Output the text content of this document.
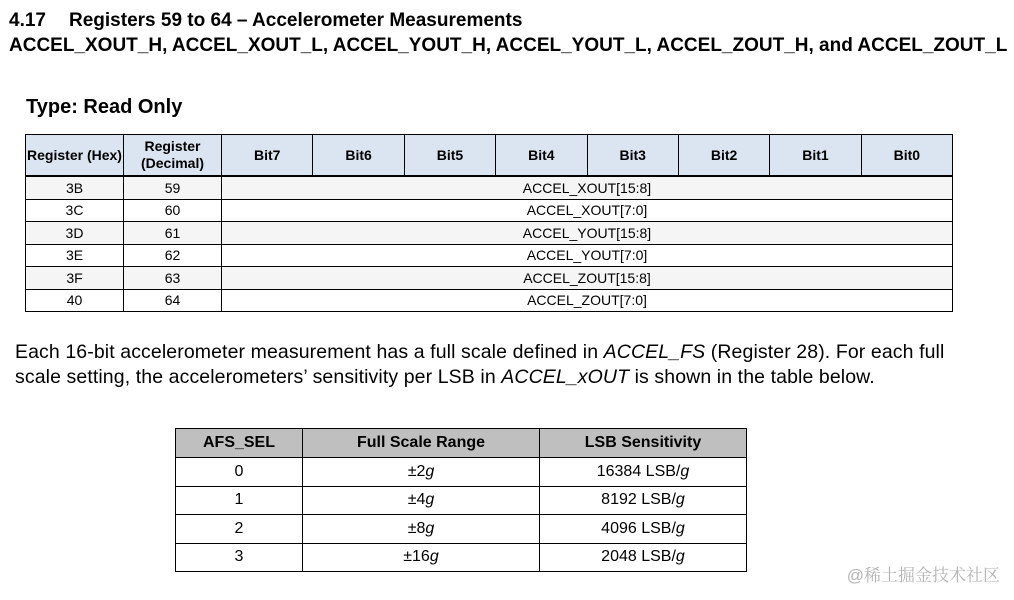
4.17 Registers 59 to 64 – Accelerometer Measurements
ACCEL_XOUT_H, ACCEL_XOUT_L, ACCEL_YOUT_H, ACCEL_YOUT_L, ACCEL_ZOUT_H, and ACCEL_ZOUT_L
Type: Read Only
Register (Hex)	Register (Decimal)	Bit7	Bit6	Bit5	Bit4	Bit3	Bit2	Bit1	Bit0
3B	59	ACCEL_XOUT[15:8]							
3C	60	ACCEL_XOUT[7:0]							
3D	61	ACCEL_YOUT[15:8]							
3E	62	ACCEL_YOUT[7:0]							
3F	63	ACCEL_ZOUT[15:8]							
40	64	ACCEL_ZOUT[7:0]							
Each 16-bit accelerometer measurement has a full scale defined in ACCEL_FS (Register 28). For each full scale setting, the accelerometers’ sensitivity per LSB in ACCEL_xOUT is shown in the table below.
AFS_SEL	Full Scale Range	LSB Sensitivity
0	±2g	16384 LSB/g
1	±4g	8192 LSB/g
2	±8g	4096 LSB/g
3	±16g	2048 LSB/g
@稀土掘金技术社区
